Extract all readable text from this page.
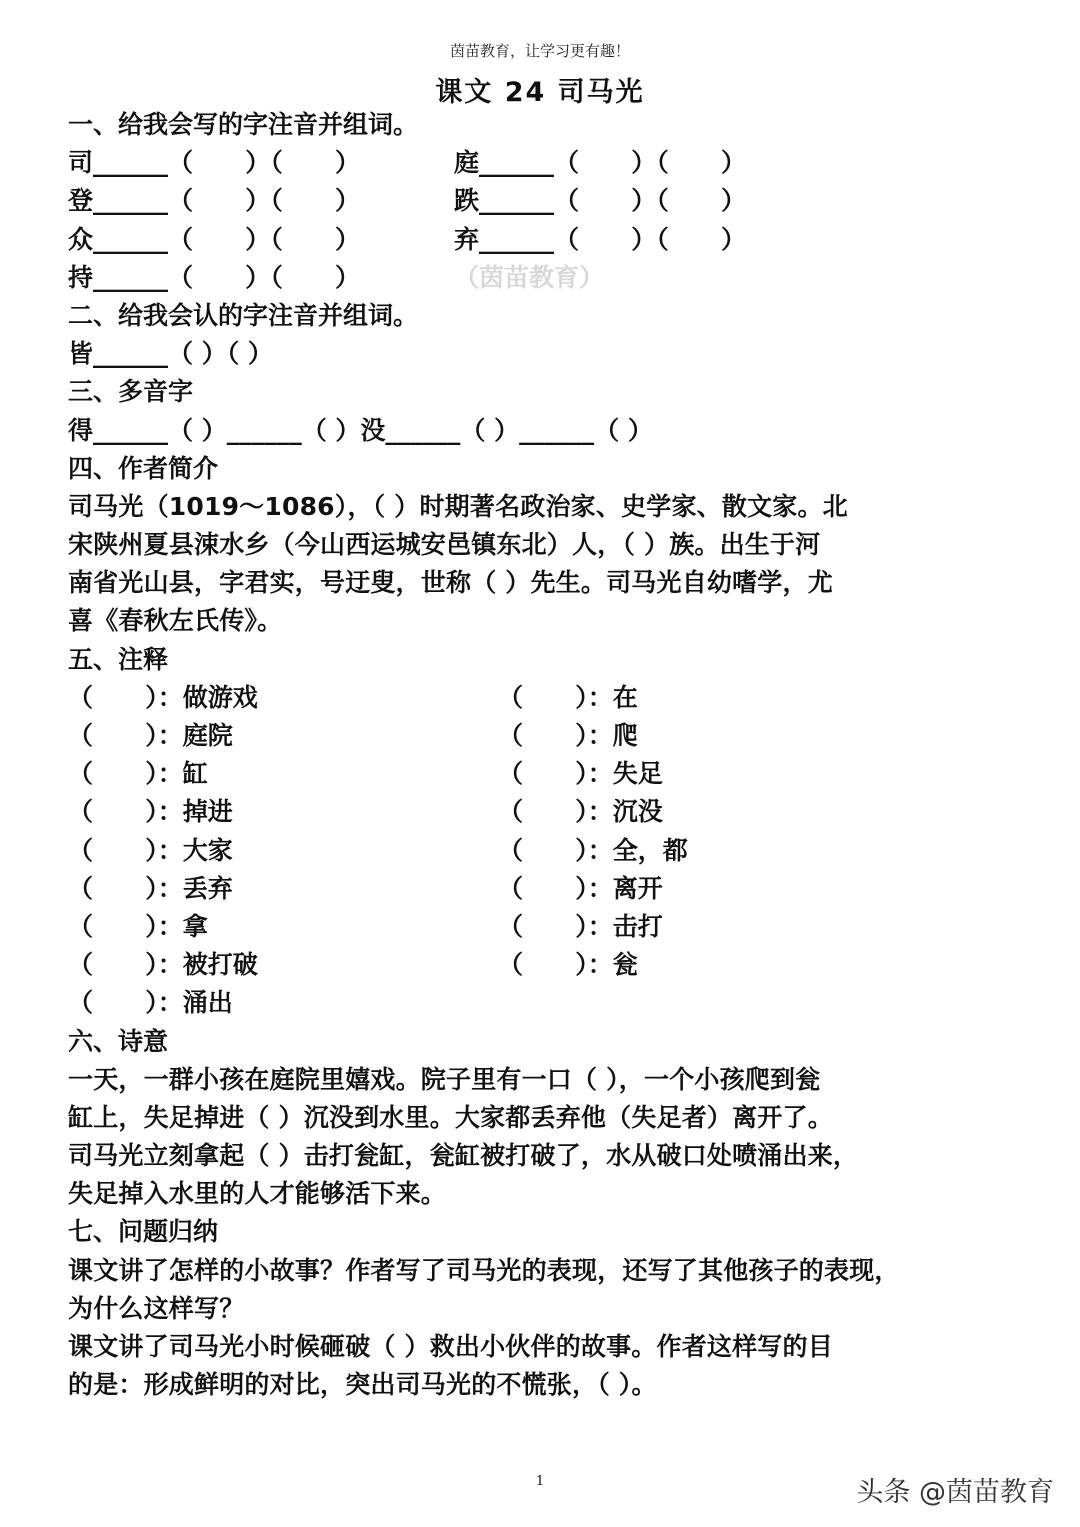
茵苗教育，让学习更有趣！
课文 24 司马光
一、给我会写的字注音并组词。
司______（      ）（      ）	庭______（      ）（      ）
登______（      ）（      ）	跌______（      ）（      ）
众______（      ）（      ）	弃______（      ）（      ）
持______（      ）（      ）	（茵苗教育）
二、给我会认的字注音并组词。
皆______（ ）（ ）
三、多音字
得______（ ）______（ ）没______（ ）______（ ）
四、作者简介
司马光（1019～1086），（ ）时期著名政治家、史学家、散文家。北
宋陕州夏县涑水乡（今山西运城安邑镇东北）人，（ ）族。出生于河
南省光山县，字君实，号迂叟，世称（ ）先生。司马光自幼嗜学，尤
喜《春秋左氏传》。
五、注释
（      ）：做游戏	（      ）：在
（      ）：庭院	（      ）：爬
（      ）：缸	（      ）：失足
（      ）：掉进	（      ）：沉没
（      ）：大家	（      ）：全，都
（      ）：丢弃	（      ）：离开
（      ）：拿	（      ）：击打
（      ）：被打破	（      ）：瓮
（      ）：涌出
六、诗意
一天，一群小孩在庭院里嬉戏。院子里有一口（ ），一个小孩爬到瓮
缸上，失足掉进（ ）沉没到水里。大家都丢弃他（失足者）离开了。
司马光立刻拿起（ ）击打瓮缸，瓮缸被打破了，水从破口处喷涌出来，
失足掉入水里的人才能够活下来。
七、问题归纳
课文讲了怎样的小故事？作者写了司马光的表现，还写了其他孩子的表现，
为什么这样写？
课文讲了司马光小时候砸破（ ）救出小伙伴的故事。作者这样写的目
的是：形成鲜明的对比，突出司马光的不慌张，（ ）。
1	头条 @茵苗教育
